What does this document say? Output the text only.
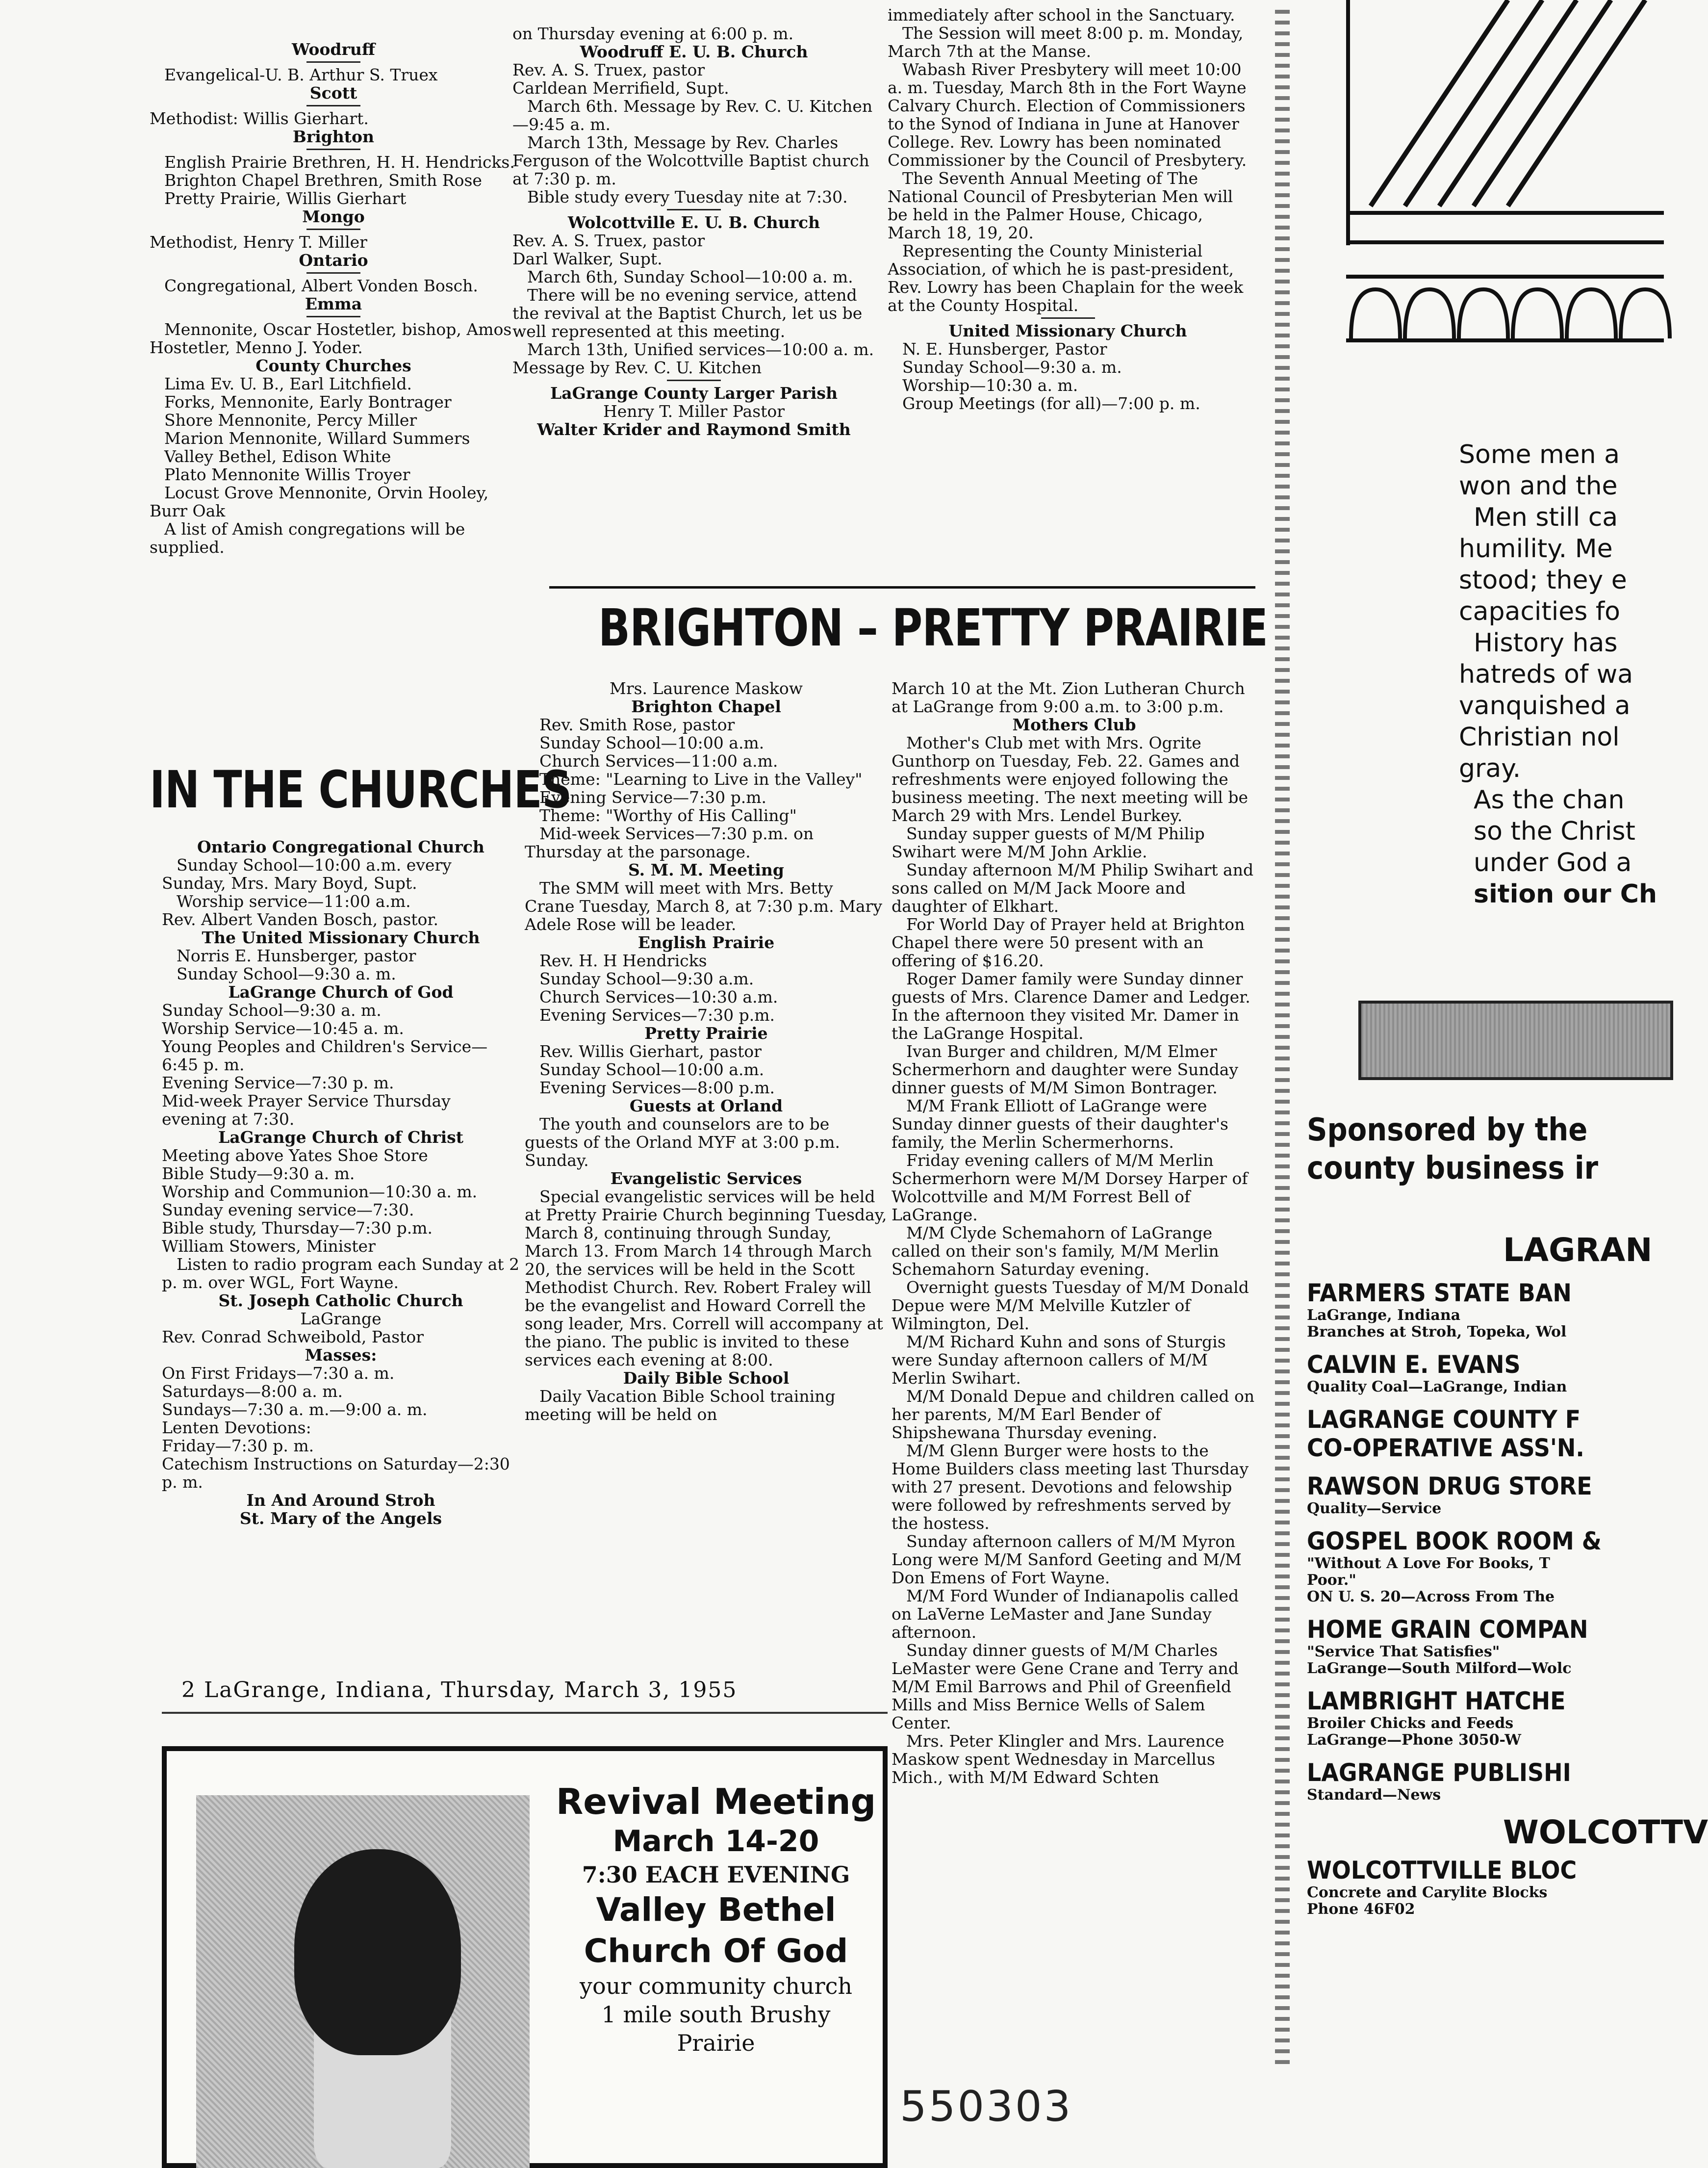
Woodruff

Evangelical-U. B. Arthur S. Truex

Scott

Methodist: Willis Gierhart.

Brighton

English Prairie Brethren, H. H. Hendricks.

Brighton Chapel Brethren, Smith Rose

Pretty Prairie, Willis Gierhart

Mongo

Methodist, Henry T. Miller

Ontario

Congregational, Albert Vonden Bosch.

Emma

Mennonite, Oscar Hostetler, bishop, Amos Hostetler, Menno J. Yoder.

County Churches

Lima Ev. U. B., Earl Litchfield.

Forks, Mennonite, Early Bontrager

Shore Mennonite, Percy Miller

Marion Mennonite, Willard Summers

Valley Bethel, Edison White

Plato Mennonite Willis Troyer

Locust Grove Mennonite, Orvin Hooley, Burr Oak

A list of Amish congregations will be supplied.

IN THE CHURCHES

Ontario Congregational Church

Sunday School—10:00 a.m. every Sunday, Mrs. Mary Boyd, Supt.

Worship service—11:00 a.m.

Rev. Albert Vanden Bosch, pastor.

The United Missionary Church

Norris E. Hunsberger, pastor

Sunday School—9:30 a. m.

LaGrange Church of God

Sunday School—9:30 a. m.

Worship Service—10:45 a. m.

Young Peoples and Children's Service—6:45 p. m.

Evening Service—7:30 p. m.

Mid-week Prayer Service Thursday evening at 7:30.

LaGrange Church of Christ

Meeting above Yates Shoe Store

Bible Study—9:30 a. m.

Worship and Communion—10:30 a. m.

Sunday evening service—7:30.

Bible study, Thursday—7:30 p.m.

William Stowers, Minister

Listen to radio program each Sunday at 2 p. m. over WGL, Fort Wayne.

St. Joseph Catholic Church

LaGrange

Rev. Conrad Schweibold, Pastor

Masses:

On First Fridays—7:30 a. m.

Saturdays—8:00 a. m.

Sundays—7:30 a. m.—9:00 a. m.

Lenten Devotions:

Friday—7:30 p. m.

Catechism Instructions on Saturday—2:30 p. m.

In And Around Stroh

St. Mary of the Angels

on Thursday evening at 6:00 p. m.

Woodruff E. U. B. Church

Rev. A. S. Truex, pastor

Carldean Merrifield, Supt.

March 6th. Message by Rev. C. U. Kitchen—9:45 a. m.

March 13th, Message by Rev. Charles Ferguson of the Wolcottville Baptist church at 7:30 p. m.

Bible study every Tuesday nite at 7:30.

Wolcottville E. U. B. Church

Rev. A. S. Truex, pastor

Darl Walker, Supt.

March 6th, Sunday School—10:00 a. m.

There will be no evening service, attend the revival at the Baptist Church, let us be well represented at this meeting.

March 13th, Unified services—10:00 a. m. Message by Rev. C. U. Kitchen

LaGrange County Larger Parish

Henry T. Miller Pastor

Walter Krider and Raymond Smith

immediately after school in the Sanctuary.

The Session will meet 8:00 p. m. Monday, March 7th at the Manse.

Wabash River Presbytery will meet 10:00 a. m. Tuesday, March 8th in the Fort Wayne Calvary Church. Election of Commissioners to the Synod of Indiana in June at Hanover College. Rev. Lowry has been nominated Commissioner by the Council of Presbytery.

The Seventh Annual Meeting of The National Council of Presbyterian Men will be held in the Palmer House, Chicago, March 18, 19, 20.

Representing the County Ministerial Association, of which he is past-president, Rev. Lowry has been Chaplain for the week at the County Hospital.

United Missionary Church

N. E. Hunsberger, Pastor

Sunday School—9:30 a. m.

Worship—10:30 a. m.

Group Meetings (for all)—7:00 p. m.

BRIGHTON – PRETTY PRAIRIE

Mrs. Laurence Maskow

Brighton Chapel

Rev. Smith Rose, pastor

Sunday School—10:00 a.m.

Church Services—11:00 a.m.

Theme: "Learning to Live in the Valley"

Evening Service—7:30 p.m.

Theme: "Worthy of His Calling"

Mid-week Services—7:30 p.m. on Thursday at the parsonage.

S. M. M. Meeting

The SMM will meet with Mrs. Betty Crane Tuesday, March 8, at 7:30 p.m. Mary Adele Rose will be leader.

English Prairie

Rev. H. H Hendricks

Sunday School—9:30 a.m.

Church Services—10:30 a.m.

Evening Services—7:30 p.m.

Pretty Prairie

Rev. Willis Gierhart, pastor

Sunday School—10:00 a.m.

Evening Services—8:00 p.m.

Guests at Orland

The youth and counselors are to be guests of the Orland MYF at 3:00 p.m. Sunday.

Evangelistic Services

Special evangelistic services will be held at Pretty Prairie Church beginning Tuesday, March 8, continuing through Sunday, March 13. From March 14 through March 20, the services will be held in the Scott Methodist Church. Rev. Robert Fraley will be the evangelist and Howard Correll the song leader, Mrs. Correll will accompany at the piano. The public is invited to these services each evening at 8:00.

Daily Bible School

Daily Vacation Bible School training meeting will be held on

March 10 at the Mt. Zion Lutheran Church at LaGrange from 9:00 a.m. to 3:00 p.m.

Mothers Club

Mother's Club met with Mrs. Ogrite Gunthorp on Tuesday, Feb. 22. Games and refreshments were enjoyed following the business meeting. The next meeting will be March 29 with Mrs. Lendel Burkey.

Sunday supper guests of M/M Philip Swihart were M/M John Arklie.

Sunday afternoon M/M Philip Swihart and sons called on M/M Jack Moore and daughter of Elkhart.

For World Day of Prayer held at Brighton Chapel there were 50 present with an offering of $16.20.

Roger Damer family were Sunday dinner guests of Mrs. Clarence Damer and Ledger. In the afternoon they visited Mr. Damer in the LaGrange Hospital.

Ivan Burger and children, M/M Elmer Schermerhorn and daughter were Sunday dinner guests of M/M Simon Bontrager.

M/M Frank Elliott of LaGrange were Sunday dinner guests of their daughter's family, the Merlin Schermerhorns.

Friday evening callers of M/M Merlin Schermerhorn were M/M Dorsey Harper of Wolcottville and M/M Forrest Bell of LaGrange.

M/M Clyde Schemahorn of LaGrange called on their son's family, M/M Merlin Schemahorn Saturday evening.

Overnight guests Tuesday of M/M Donald Depue were M/M Melville Kutzler of Wilmington, Del.

M/M Richard Kuhn and sons of Sturgis were Sunday afternoon callers of M/M Merlin Swihart.

M/M Donald Depue and children called on her parents, M/M Earl Bender of Shipshewana Thursday evening.

M/M Glenn Burger were hosts to the Home Builders class meeting last Thursday with 27 present. Devotions and felowship were followed by refreshments served by the hostess.

Sunday afternoon callers of M/M Myron Long were M/M Sanford Geeting and M/M Don Emens of Fort Wayne.

M/M Ford Wunder of Indianapolis called on LaVerne LeMaster and Jane Sunday afternoon.

Sunday dinner guests of M/M Charles LeMaster were Gene Crane and Terry and M/M Emil Barrows and Phil of Greenfield Mills and Miss Bernice Wells of Salem Center.

Mrs. Peter Klingler and Mrs. Laurence Maskow spent Wednesday in Marcellus Mich., with M/M Edward Schten

2 LaGrange, Indiana, Thursday, March 3, 1955
Revival Meeting
March 14-20
7:30 EACH EVENING
Valley Bethel
Church Of God
your community church
1 mile south Brushy
Prairie

Some men a

won and the

Men still ca

humility. Me

stood; they e

capacities fo

History has

hatreds of wa

vanquished a

Christian nol

gray.

As the chan

so the Christ

under God a

sition our Ch

Sponsored by the
county business ir
LAGRAN
FARMERS STATE BAN
LaGrange, Indiana
Branches at Stroh, Topeka, Wol
CALVIN E. EVANS
Quality Coal—LaGrange, Indian
LAGRANGE COUNTY F
CO-OPERATIVE ASS'N.
RAWSON DRUG STORE
Quality—Service
GOSPEL BOOK ROOM &
"Without A Love For Books, T
Poor."
ON U. S. 20—Across From The
HOME GRAIN COMPAN
"Service That Satisfies"
LaGrange—South Milford—Wolc
LAMBRIGHT HATCHE
Broiler Chicks and Feeds
LaGrange—Phone 3050-W
LAGRANGE PUBLISHI
Standard—News
WOLCOTTV
WOLCOTTVILLE BLOC
Concrete and Carylite Blocks
Phone 46F02
550303
